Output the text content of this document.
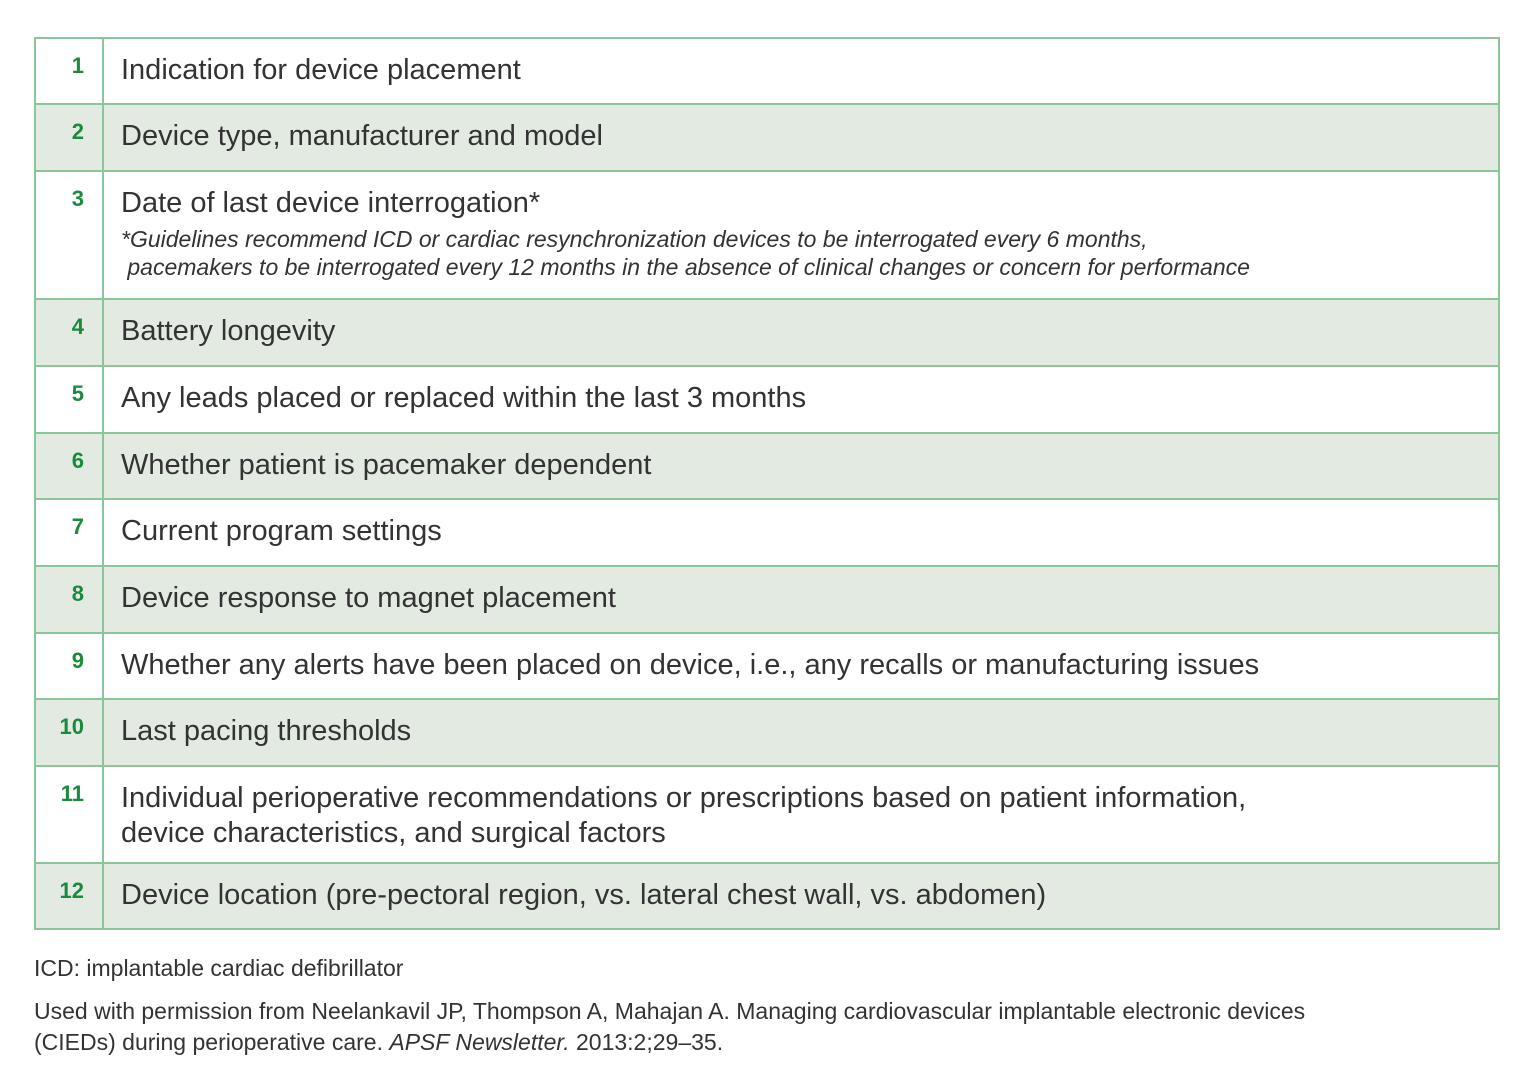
1	Indication for device placement
2	Device type, manufacturer and model
3	Date of last device interrogation*
*Guidelines recommend ICD or cardiac resynchronization devices to be interrogated every 6 months,
pacemakers to be interrogated every 12 months in the absence of clinical changes or concern for performance

4	Battery longevity
5	Any leads placed or replaced within the last 3 months
6	Whether patient is pacemaker dependent
7	Current program settings
8	Device response to magnet placement
9	Whether any alerts have been placed on device, i.e., any recalls or manufacturing issues
10	Last pacing thresholds
11	Individual perioperative recommendations or prescriptions based on patient information,
device characteristics, and surgical factors

12	Device location (pre-pectoral region, vs. lateral chest wall, vs. abdomen)
ICD: implantable cardiac defibrillator
Used with permission from Neelankavil JP, Thompson A, Mahajan A. Managing cardiovascular implantable electronic devices
(CIEDs) during perioperative care. APSF Newsletter. 2013:2;29–35.
